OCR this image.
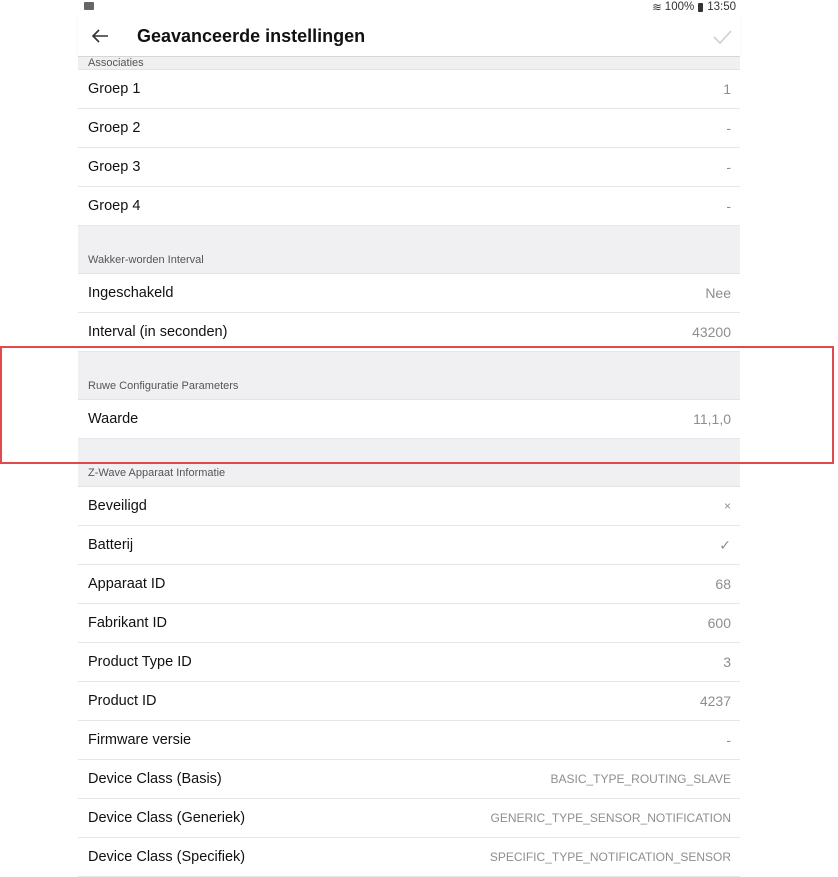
≋ 100% 13:50
Geavanceerde instellingen
Associaties
Groep 1	1
Groep 2	-
Groep 3	-
Groep 4	-
Wakker-worden Interval
Ingeschakeld	Nee
Interval (in seconden)	43200
Ruwe Configuratie Parameters
Waarde	11,1,0
Z-Wave Apparaat Informatie
Beveiligd	×
Batterij	✓
Apparaat ID	68
Fabrikant ID	600
Product Type ID	3
Product ID	4237
Firmware versie	-
Device Class (Basis)	BASIC_TYPE_ROUTING_SLAVE
Device Class (Generiek)	GENERIC_TYPE_SENSOR_NOTIFICATION
Device Class (Specifiek)	SPECIFIC_TYPE_NOTIFICATION_SENSOR
